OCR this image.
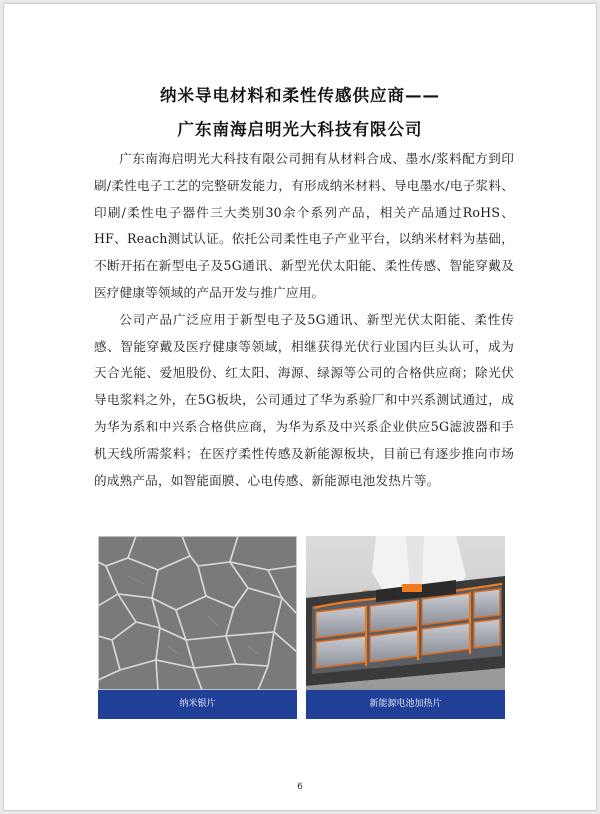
纳米导电材料和柔性传感供应商——
广东南海启明光大科技有限公司

广东南海启明光大科技有限公司拥有从材料合成、墨水/浆料配方到印刷/柔性电子工艺的完整研发能力，有形成纳米材料、导电墨水/电子浆料、印刷/柔性电子器件三大类别30余个系列产品，相关产品通过RoHS、HF、Reach测试认证。依托公司柔性电子产业平台，以纳米材料为基础，不断开拓在新型电子及5G通讯、新型光伏太阳能、柔性传感、智能穿戴及医疗健康等领域的产品开发与推广应用。

公司产品广泛应用于新型电子及5G通讯、新型光伏太阳能、柔性传感、智能穿戴及医疗健康等领域，相继获得光伏行业国内巨头认可，成为天合光能、爱旭股份、红太阳、海源、绿源等公司的合格供应商；除光伏导电浆料之外，在5G板块，公司通过了华为系验厂和中兴系测试通过，成为华为系和中兴系合格供应商，为华为系及中兴系企业供应5G滤波器和手机天线所需浆料；在医疗柔性传感及新能源板块，目前已有逐步推向市场的成熟产品，如智能面膜、心电传感、新能源电池发热片等。

纳米银片	新能源电池加热片
6
